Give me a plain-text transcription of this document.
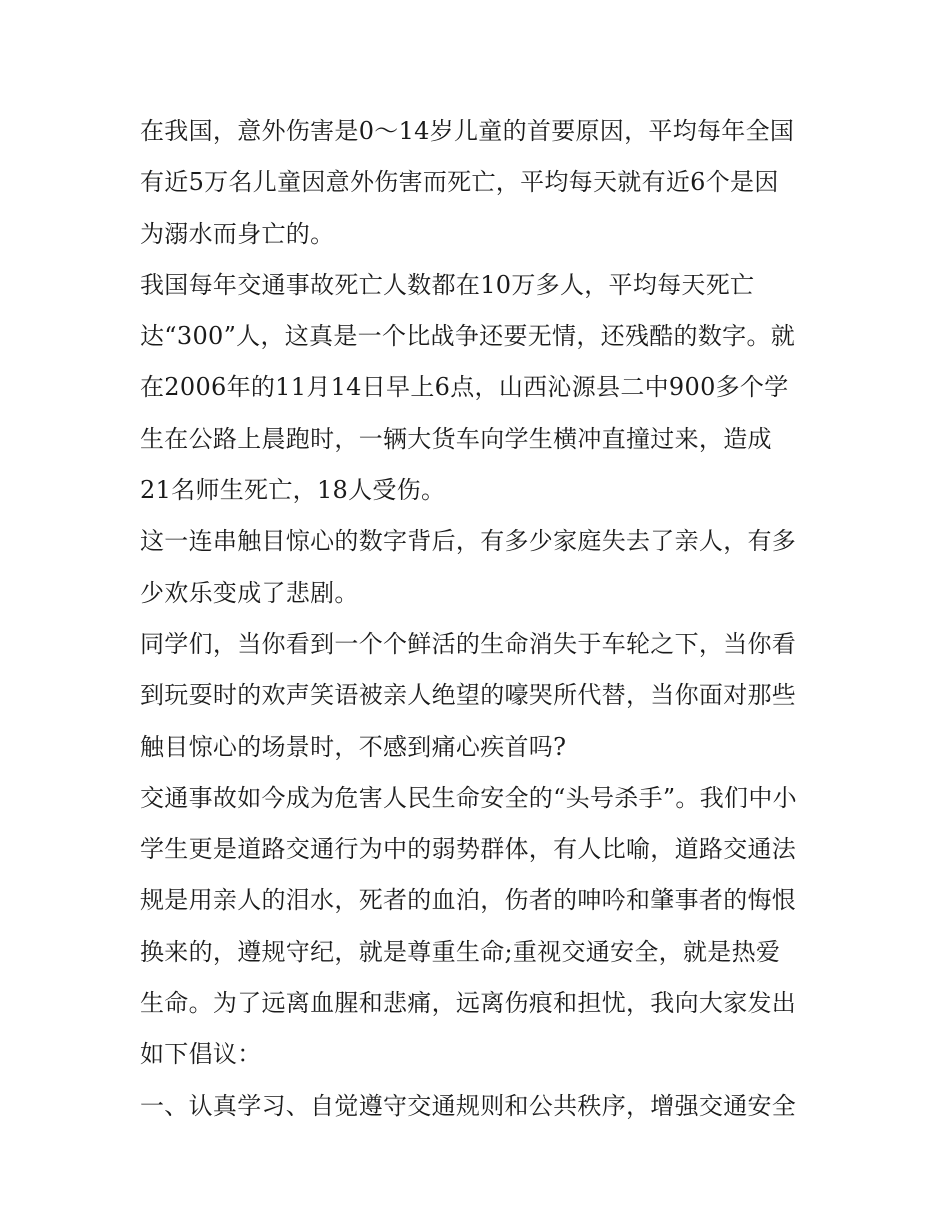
在我国，意外伤害是0～14岁儿童的首要原因，平均每年全国
有近5万名儿童因意外伤害而死亡，平均每天就有近6个是因
为溺水而身亡的。
我国每年交通事故死亡人数都在10万多人，平均每天死亡
达“300”人，这真是一个比战争还要无情，还残酷的数字。就
在2006年的11月14日早上6点，山西沁源县二中900多个学
生在公路上晨跑时，一辆大货车向学生横冲直撞过来，造成
21名师生死亡，18人受伤。
这一连串触目惊心的数字背后，有多少家庭失去了亲人，有多
少欢乐变成了悲剧。
同学们，当你看到一个个鲜活的生命消失于车轮之下，当你看
到玩耍时的欢声笑语被亲人绝望的嚎哭所代替，当你面对那些
触目惊心的场景时，不感到痛心疾首吗?
交通事故如今成为危害人民生命安全的“头号杀手”。我们中小
学生更是道路交通行为中的弱势群体，有人比喻，道路交通法
规是用亲人的泪水，死者的血泊，伤者的呻吟和肇事者的悔恨
换来的，遵规守纪，就是尊重生命;重视交通安全，就是热爱
生命。为了远离血腥和悲痛，远离伤痕和担忧，我向大家发出
如下倡议：
一、认真学习、自觉遵守交通规则和公共秩序，增强交通安全
